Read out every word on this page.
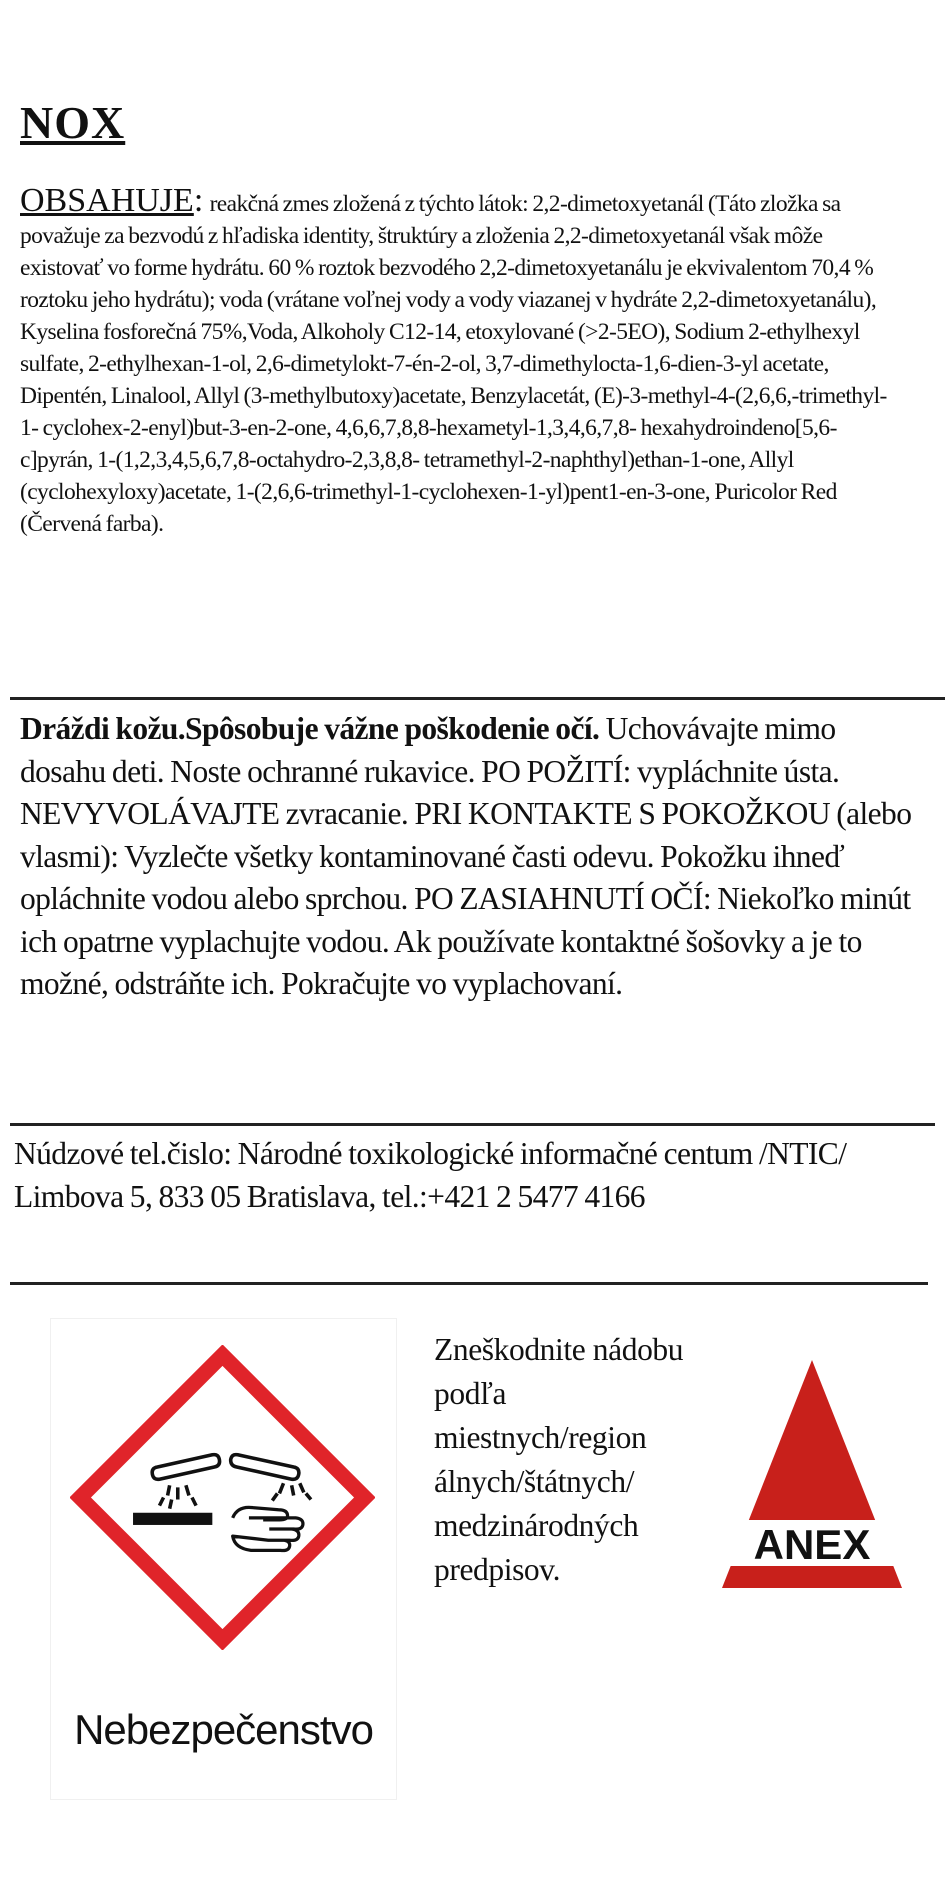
NOX

OBSAHUJE: reakčná zmes zložená z týchto látok: 2,2-dimetoxyetanál (Táto zložka sa považuje za bezvodú z hľadiska identity, štruktúry a zloženia 2,2-dimetoxyetanál však môže existovať vo forme hydrátu. 60 % roztok bezvodého 2,2-dimetoxyetanálu je ekvivalentom 70,4 % roztoku jeho hydrátu); voda (vrátane voľnej vody a vody viazanej v hydráte 2,2-dimetoxyetanálu), Kyselina fosforečná 75%,Voda, Alkoholy C12-14, etoxylované (>2-5EO), Sodium 2-ethylhexyl sulfate, 2-ethylhexan-1-ol, 2,6-dimetylokt-7-én-2-ol, 3,7-dimethylocta-1,6-dien-3-yl acetate, Dipentén, Linalool, Allyl (3-methylbutoxy)acetate, Benzylacetát, (E)-3-methyl-4-(2,6,6,-trimethyl-1- cyclohex-2-enyl)but-3-en-2-one, 4,6,6,7,8,8-hexametyl-1,3,4,6,7,8- hexahydroindeno[5,6-c]pyrán, 1-(1,2,3,4,5,6,7,8-octahydro-2,3,8,8- tetramethyl-2-naphthyl)ethan-1-one, Allyl (cyclohexyloxy)acetate, 1-(2,6,6-trimethyl-1-cyclohexen-1-yl)pent1-en-3-one, Puricolor Red (Červená farba).

Dráždi kožu.Spôsobuje vážne poškodenie očí. Uchovávajte mimo dosahu deti. Noste ochranné rukavice. PO POŽITÍ: vypláchnite ústa. NEVYVOLÁVAJTE zvracanie. PRI KONTAKTE S POKOŽKOU (alebo vlasmi): Vyzlečte všetky kontaminované časti odevu. Pokožku ihneď opláchnite vodou alebo sprchou. PO ZASIAHNUTÍ OČÍ: Niekoľko minút ich opatrne vyplachujte vodou. Ak používate kontaktné šošovky a je to možné, odstráňte ich. Pokračujte vo vyplachovaní.

Núdzové tel.čislo: Národné toxikologické informačné centum /NTIC/ Limbova 5, 833 05 Bratislava, tel.:+421 2 5477 4166

Nebezpečenstvo

Zneškodnite nádobu podľa miestnych/region álnych/štátnych/ medzinárodných predpisov.

ANEX
